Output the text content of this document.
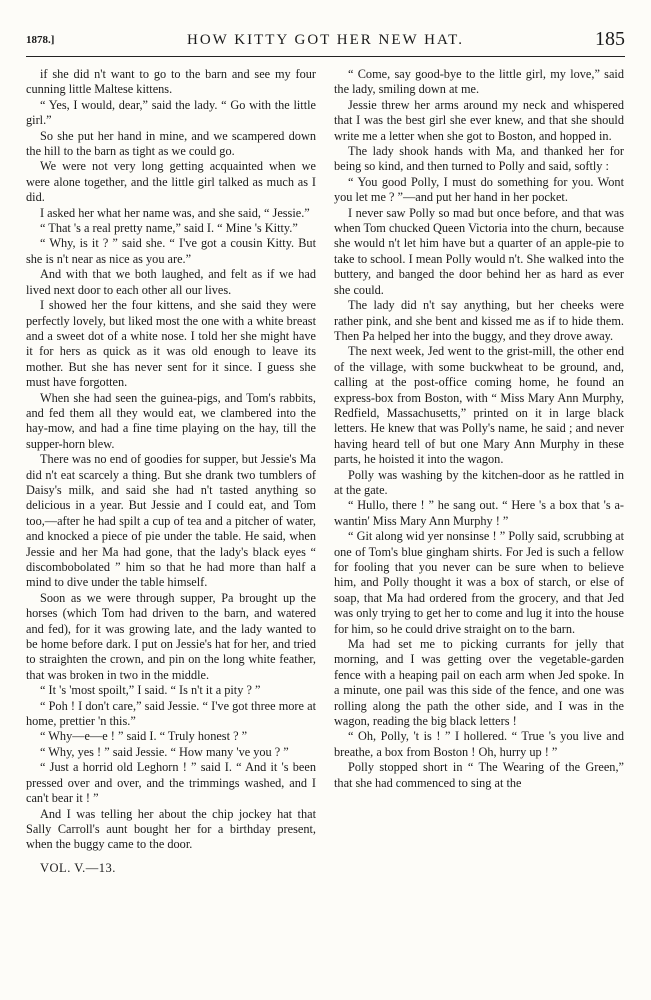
1878.]	HOW KITTY GOT HER NEW HAT.	185

if she did n't want to go to the barn and see my four cunning little Maltese kittens.

“ Yes, I would, dear,” said the lady. “ Go with the little girl.”

So she put her hand in mine, and we scampered down the hill to the barn as tight as we could go.

We were not very long getting acquainted when we were alone together, and the little girl talked as much as I did.

I asked her what her name was, and she said, “ Jessie.”

“ That 's a real pretty name,” said I. “ Mine 's Kitty.”

“ Why, is it ? ” said she. “ I've got a cousin Kitty. But she is n't near as nice as you are.”

And with that we both laughed, and felt as if we had lived next door to each other all our lives.

I showed her the four kittens, and she said they were perfectly lovely, but liked most the one with a white breast and a sweet dot of a white nose. I told her she might have it for hers as quick as it was old enough to leave its mother. But she has never sent for it since. I guess she must have forgotten.

When she had seen the guinea-pigs, and Tom's rabbits, and fed them all they would eat, we clambered into the hay-mow, and had a fine time playing on the hay, till the supper-horn blew.

There was no end of goodies for supper, but Jessie's Ma did n't eat scarcely a thing. But she drank two tumblers of Daisy's milk, and said she had n't tasted anything so delicious in a year. But Jessie and I could eat, and Tom too,—after he had spilt a cup of tea and a pitcher of water, and knocked a piece of pie under the table. He said, when Jessie and her Ma had gone, that the lady's black eyes “ discombobolated ” him so that he had more than half a mind to dive under the table himself.

Soon as we were through supper, Pa brought up the horses (which Tom had driven to the barn, and watered and fed), for it was growing late, and the lady wanted to be home before dark. I put on Jessie's hat for her, and tried to straighten the crown, and pin on the long white feather, that was broken in two in the middle.

“ It 's 'most spoilt,” I said. “ Is n't it a pity ? ”

“ Poh ! I don't care,” said Jessie. “ I've got three more at home, prettier 'n this.”

“ Why—e—e ! ” said I. “ Truly honest ? ”

“ Why, yes ! ” said Jessie. “ How many 've you ? ”

“ Just a horrid old Leghorn ! ” said I. “ And it 's been pressed over and over, and the trimmings washed, and I can't bear it ! ”

And I was telling her about the chip jockey hat that Sally Carroll's aunt bought her for a birthday present, when the buggy came to the door.

VOL. V.—13.

“ Come, say good-bye to the little girl, my love,” said the lady, smiling down at me.

Jessie threw her arms around my neck and whispered that I was the best girl she ever knew, and that she should write me a letter when she got to Boston, and hopped in.

The lady shook hands with Ma, and thanked her for being so kind, and then turned to Polly and said, softly :

“ You good Polly, I must do something for you. Wont you let me ? ”—and put her hand in her pocket.

I never saw Polly so mad but once before, and that was when Tom chucked Queen Victoria into the churn, because she would n't let him have but a quarter of an apple-pie to take to school. I mean Polly would n't. She walked into the buttery, and banged the door behind her as hard as ever she could.

The lady did n't say anything, but her cheeks were rather pink, and she bent and kissed me as if to hide them. Then Pa helped her into the buggy, and they drove away.

The next week, Jed went to the grist-mill, the other end of the village, with some buckwheat to be ground, and, calling at the post-office coming home, he found an express-box from Boston, with “ Miss Mary Ann Murphy, Redfield, Massachusetts,” printed on it in large black letters. He knew that was Polly's name, he said ; and never having heard tell of but one Mary Ann Murphy in these parts, he hoisted it into the wagon.

Polly was washing by the kitchen-door as he rattled in at the gate.

“ Hullo, there ! ” he sang out. “ Here 's a box that 's a-wantin' Miss Mary Ann Murphy ! ”

“ Git along wid yer nonsinse ! ” Polly said, scrubbing at one of Tom's blue gingham shirts. For Jed is such a fellow for fooling that you never can be sure when to believe him, and Polly thought it was a box of starch, or else of soap, that Ma had ordered from the grocery, and that Jed was only trying to get her to come and lug it into the house for him, so he could drive straight on to the barn.

Ma had set me to picking currants for jelly that morning, and I was getting over the vegetable-garden fence with a heaping pail on each arm when Jed spoke. In a minute, one pail was this side of the fence, and one was rolling along the path the other side, and I was in the wagon, reading the big black letters !

“ Oh, Polly, 't is ! ” I hollered. “ True 's you live and breathe, a box from Boston ! Oh, hurry up ! ”

Polly stopped short in “ The Wearing of the Green,” that she had commenced to sing at the
